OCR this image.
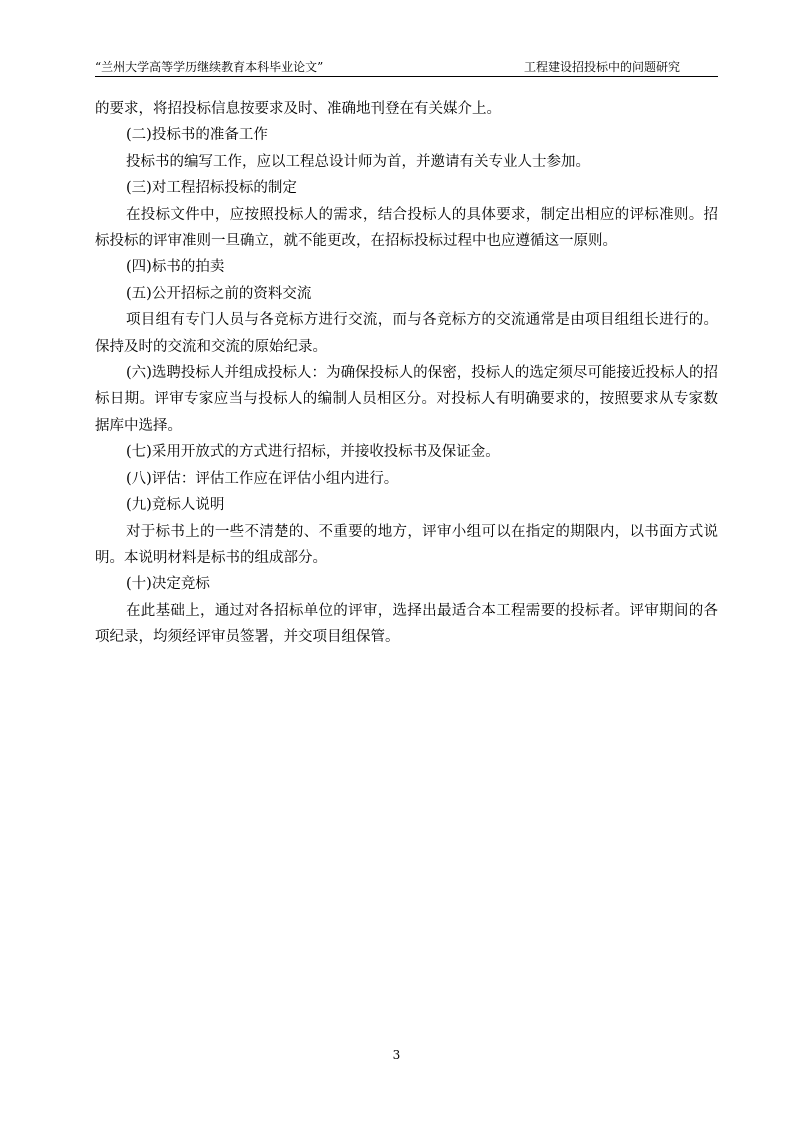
“兰州大学高等学历继续教育本科毕业论文”	工程建设招投标中的问题研究

的要求，将招投标信息按要求及时、准确地刊登在有关媒介上。

(二)投标书的准备工作

投标书的编写工作，应以工程总设计师为首，并邀请有关专业人士参加。

(三)对工程招标投标的制定

在投标文件中，应按照投标人的需求，结合投标人的具体要求，制定出相应的评标准则。招标投标的评审准则一旦确立，就不能更改，在招标投标过程中也应遵循这一原则。

(四)标书的拍卖

(五)公开招标之前的资料交流

项目组有专门人员与各竞标方进行交流，而与各竞标方的交流通常是由项目组组长进行的。保持及时的交流和交流的原始纪录。

(六)选聘投标人并组成投标人：为确保投标人的保密，投标人的选定须尽可能接近投标人的招标日期。评审专家应当与投标人的编制人员相区分。对投标人有明确要求的，按照要求从专家数据库中选择。

(七)采用开放式的方式进行招标，并接收投标书及保证金。

(八)评估：评估工作应在评估小组内进行。

(九)竞标人说明

对于标书上的一些不清楚的、不重要的地方，评审小组可以在指定的期限内，以书面方式说明。本说明材料是标书的组成部分。

(十)决定竞标

在此基础上，通过对各招标单位的评审，选择出最适合本工程需要的投标者。评审期间的各项纪录，均须经评审员签署，并交项目组保管。

3
